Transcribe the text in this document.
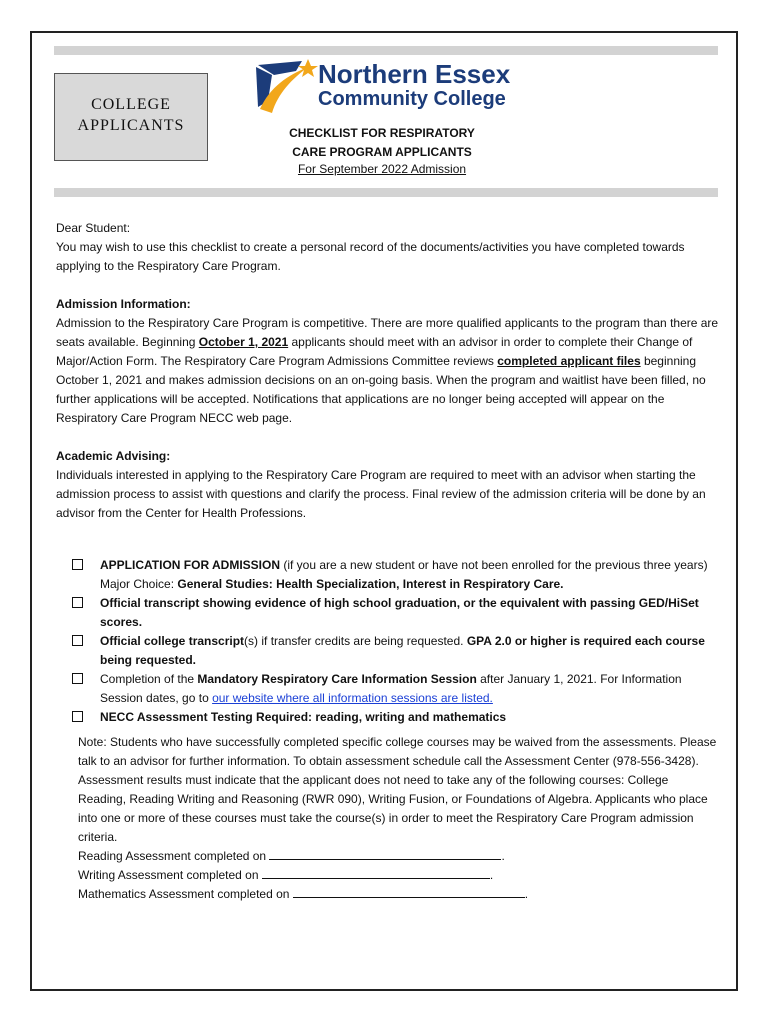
COLLEGE
APPLICANTS
Northern Essex
Community College
CHECKLIST FOR RESPIRATORY
CARE PROGRAM APPLICANTS
For September 2022 Admission

Dear Student:

You may wish to use this checklist to create a personal record of the documents/activities you have completed towards applying to the Respiratory Care Program.

Admission Information:

Admission to the Respiratory Care Program is competitive. There are more qualified applicants to the program than there are seats available. Beginning October 1, 2021 applicants should meet with an advisor in order to complete their Change of Major/Action Form. The Respiratory Care Program Admissions Committee reviews completed applicant files beginning October 1, 2021 and makes admission decisions on an on-going basis. When the program and waitlist have been filled, no further applications will be accepted. Notifications that applications are no longer being accepted will appear on the Respiratory Care Program NECC web page.

Academic Advising:

Individuals interested in applying to the Respiratory Care Program are required to meet with an advisor when starting the admission process to assist with questions and clarify the process. Final review of the admission criteria will be done by an advisor from the Center for Health Professions.

APPLICATION FOR ADMISSION (if you are a new student or have not been enrolled for the previous three years) Major Choice: General Studies: Health Specialization, Interest in Respiratory Care.
Official transcript showing evidence of high school graduation, or the equivalent with passing GED/HiSet scores.
Official college transcript(s) if transfer credits are being requested. GPA 2.0 or higher is required each course being requested.
Completion of the Mandatory Respiratory Care Information Session after January 1, 2021. For Information Session dates, go to our website where all information sessions are listed.
NECC Assessment Testing Required: reading, writing and mathematics

Note: Students who have successfully completed specific college courses may be waived from the assessments. Please talk to an advisor for further information. To obtain assessment schedule call the Assessment Center (978-556-3428). Assessment results must indicate that the applicant does not need to take any of the following courses: College Reading, Reading Writing and Reasoning (RWR 090), Writing Fusion, or Foundations of Algebra. Applicants who place into one or more of these courses must take the course(s) in order to meet the Respiratory Care Program admission criteria.

Reading Assessment completed on	.
Writing Assessment completed on	.
Mathematics Assessment completed on	.
